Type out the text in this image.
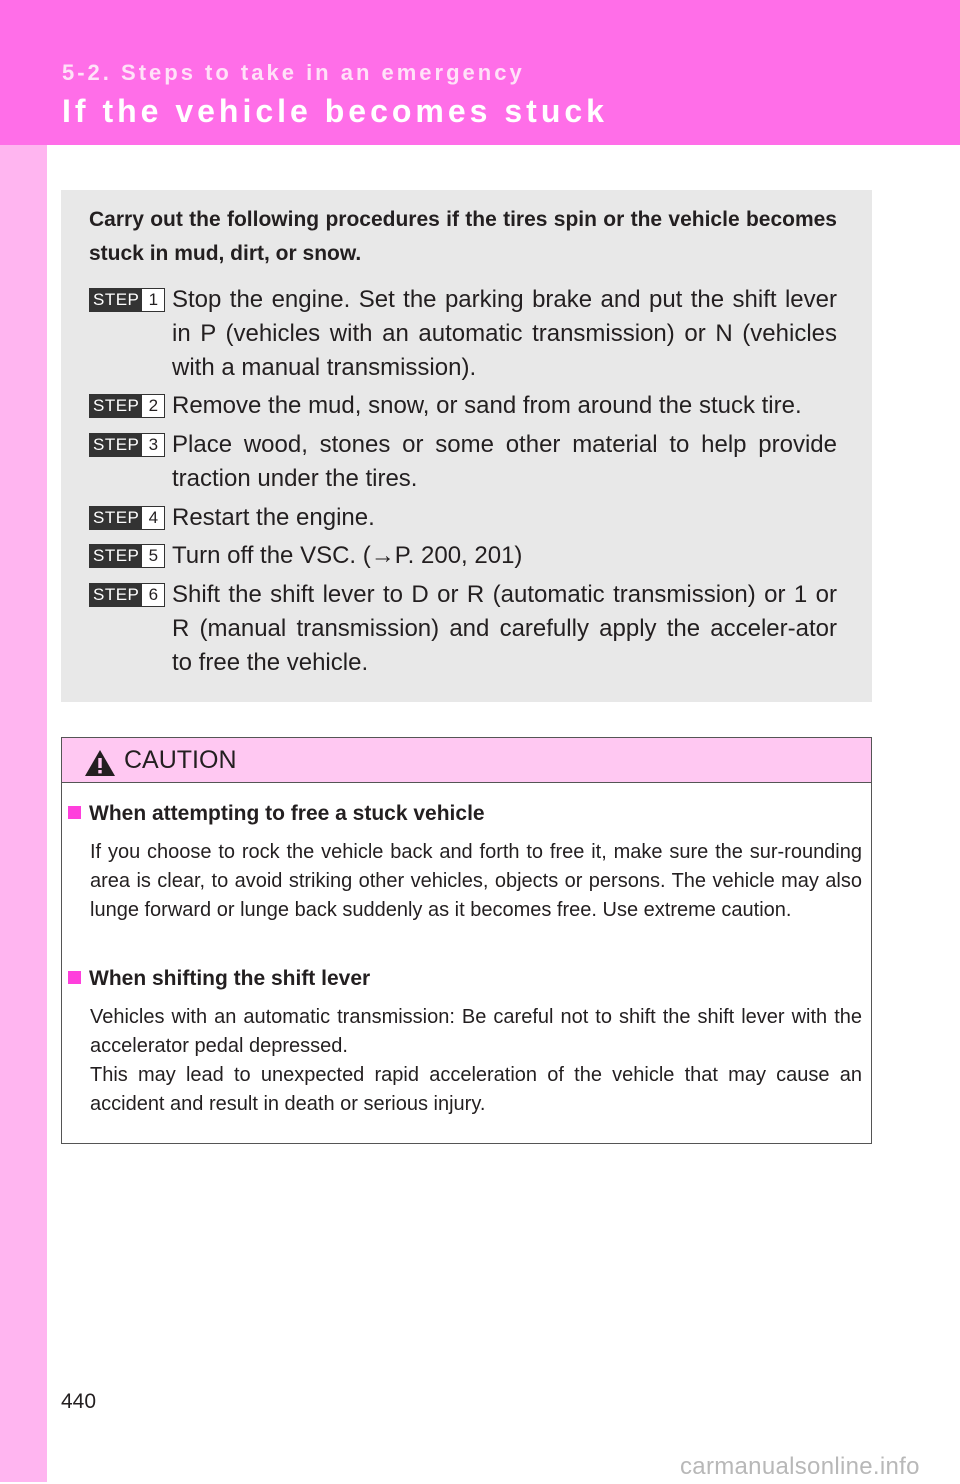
5-2. Steps to take in an emergency
If the vehicle becomes stuck
Carry out the following procedures if the tires spin or the vehicle becomes stuck in mud, dirt, or snow.
STEP 1 Stop the engine. Set the parking brake and put the shift lever in P (vehicles with an automatic transmission) or N (vehicles with a manual transmission).
STEP 2 Remove the mud, snow, or sand from around the stuck tire.
STEP 3 Place wood, stones or some other material to help provide traction under the tires.
STEP 4 Restart the engine.
STEP 5 Turn off the VSC. (→P. 200, 201)
STEP 6 Shift the shift lever to D or R (automatic transmission) or 1 or R (manual transmission) and carefully apply the acceler-ator to free the vehicle.
CAUTION
When attempting to free a stuck vehicle
If you choose to rock the vehicle back and forth to free it, make sure the sur-rounding area is clear, to avoid striking other vehicles, objects or persons. The vehicle may also lunge forward or lunge back suddenly as it becomes free. Use extreme caution.
When shifting the shift lever
Vehicles with an automatic transmission: Be careful not to shift the shift lever with the accelerator pedal depressed.
This may lead to unexpected rapid acceleration of the vehicle that may cause an accident and result in death or serious injury.
440
carmanualsonline.info
